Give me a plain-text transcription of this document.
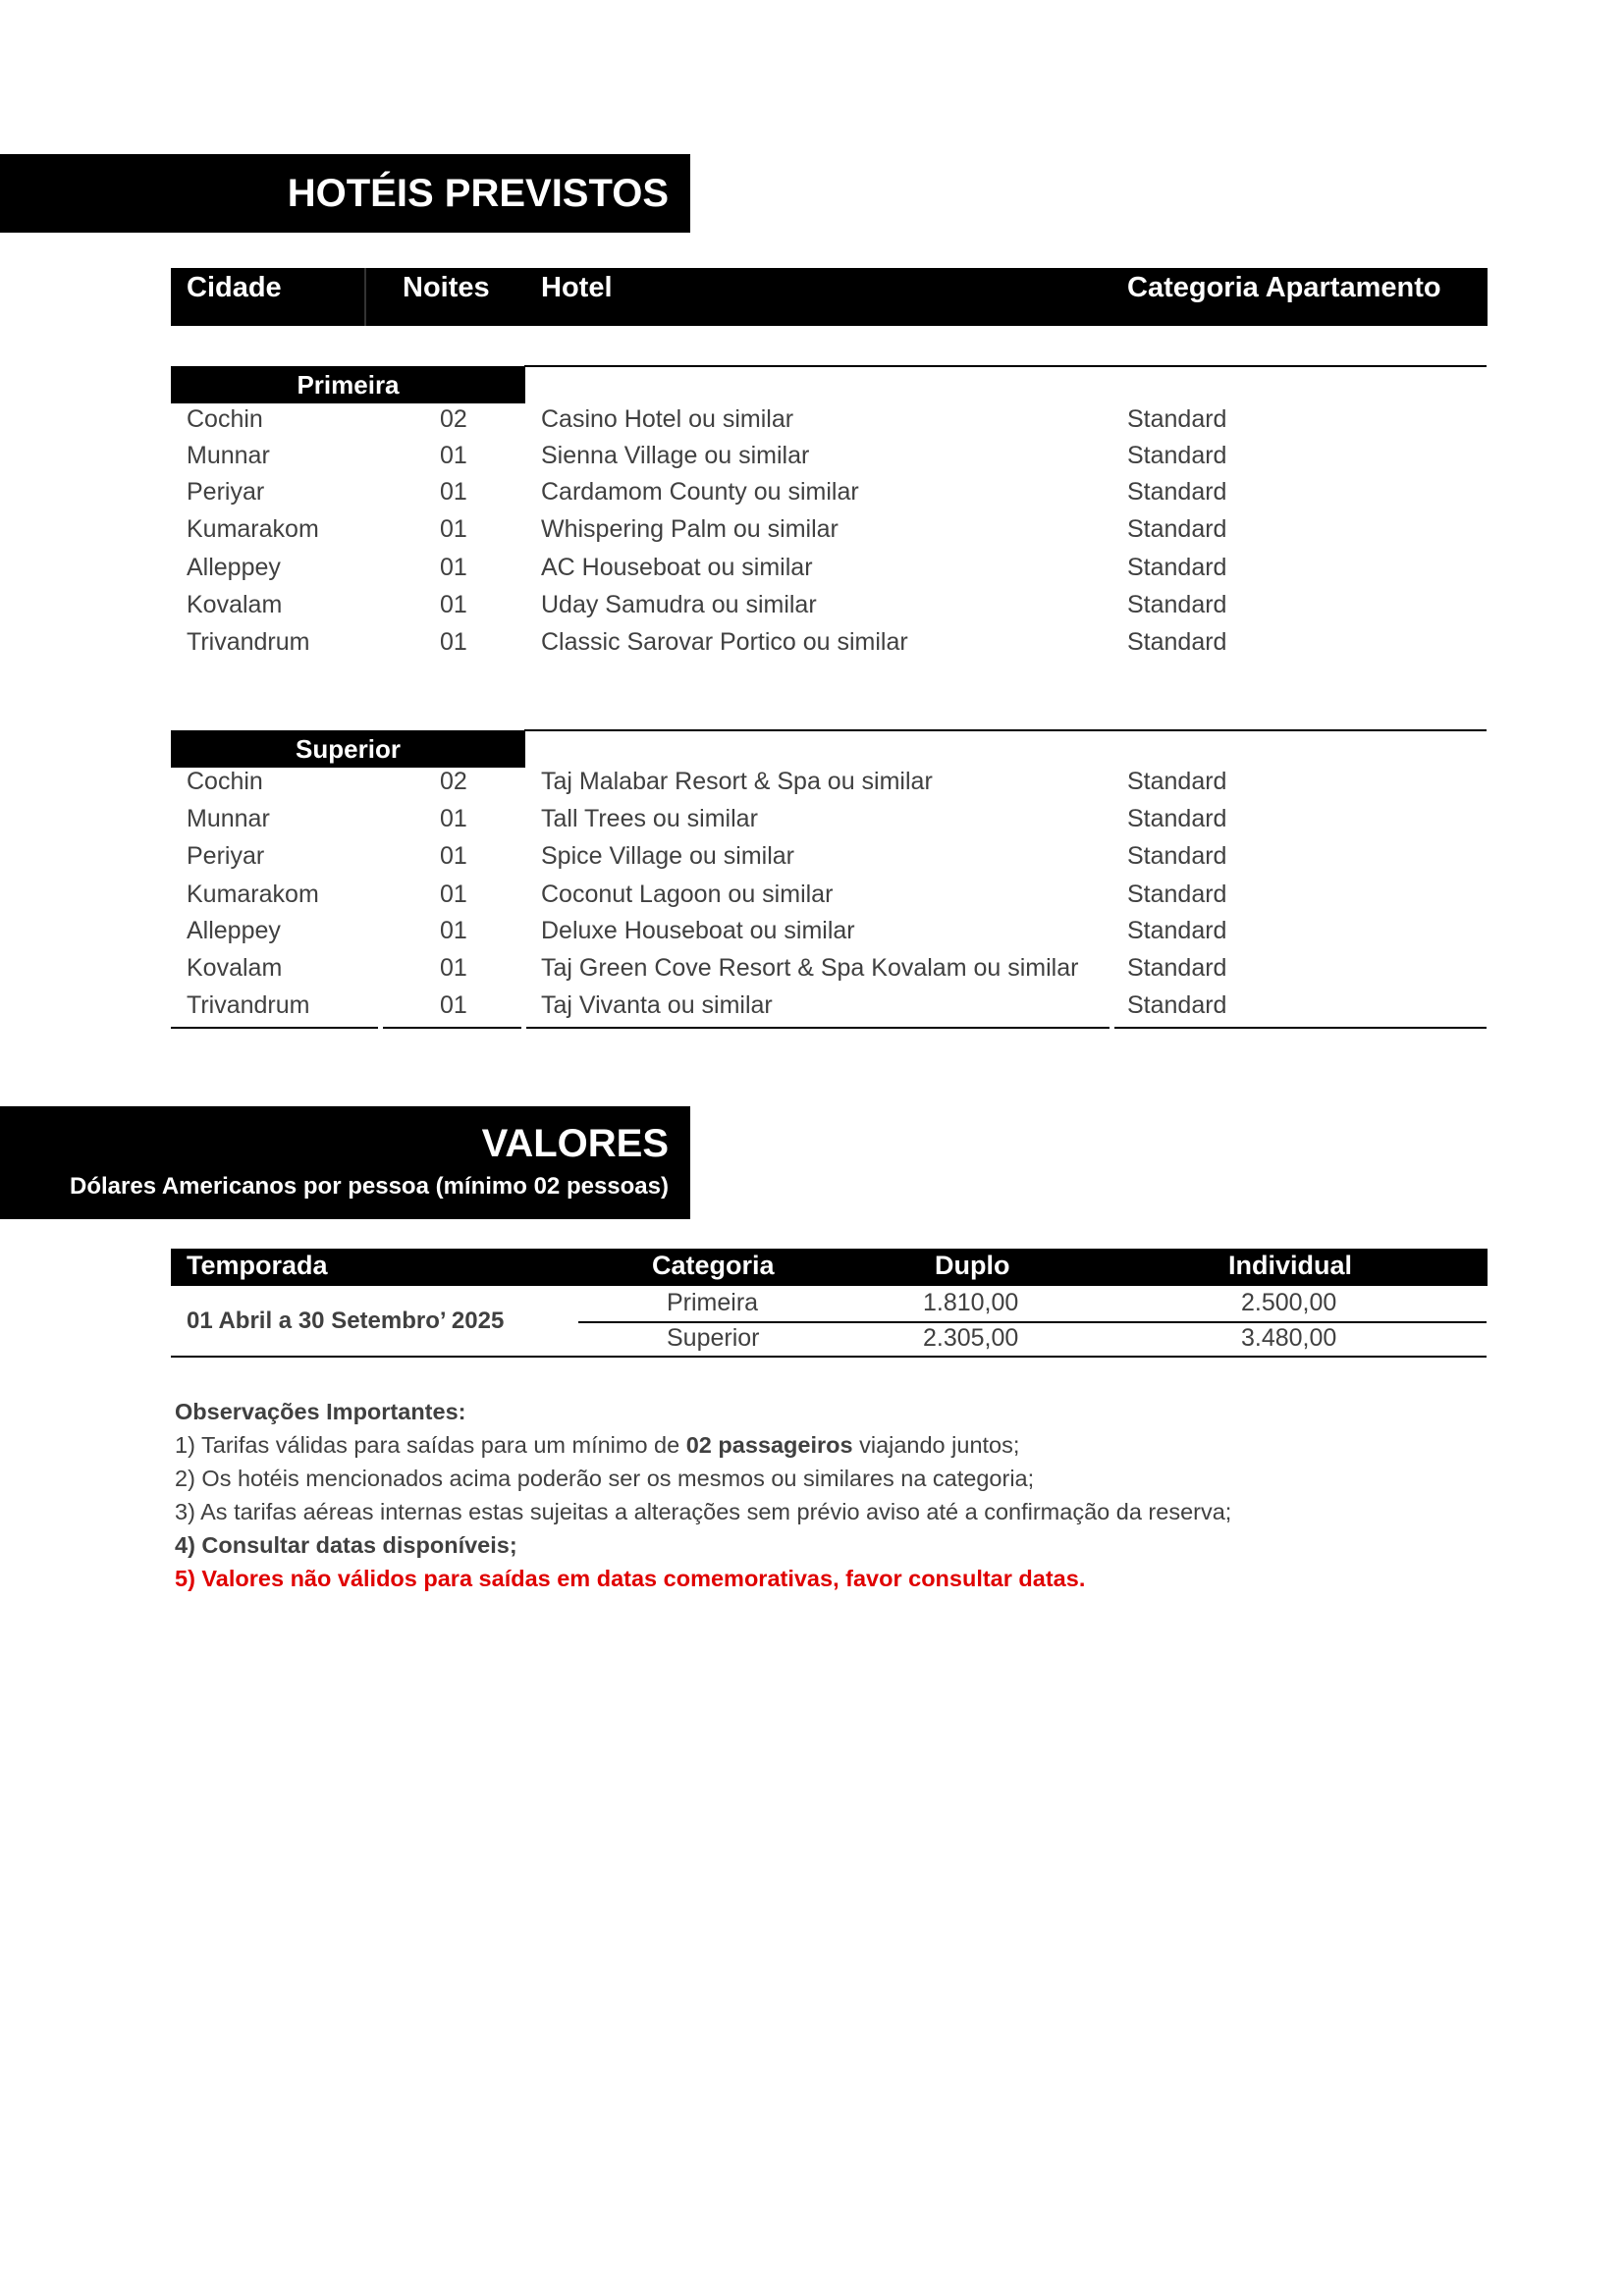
HOTÉIS PREVISTOS
Cidade	Noites Hotel	Categoria Apartamento
Primeira
Cochin	02	Casino Hotel ou similar	Standard
Munnar	01	Sienna Village ou similar	Standard
Periyar	01	Cardamom County ou similar	Standard
Kumarakom	01	Whispering Palm ou similar	Standard
Alleppey	01	AC Houseboat ou similar	Standard
Kovalam	01	Uday Samudra ou similar	Standard
Trivandrum	01	Classic Sarovar Portico ou similar	Standard
Superior
Cochin	02	Taj Malabar Resort & Spa ou similar	Standard
Munnar	01	Tall Trees ou similar	Standard
Periyar	01	Spice Village ou similar	Standard
Kumarakom	01	Coconut Lagoon ou similar	Standard
Alleppey	01	Deluxe Houseboat ou similar	Standard
Kovalam	01	Taj Green Cove Resort & Spa Kovalam ou similar Standard
Trivandrum	01	Taj Vivanta ou similar	Standard
VALORES
Dólares Americanos por pessoa (mínimo 02 pessoas)
Temporada	Categoria	Duplo	Individual
01 Abril a 30 Setembro’ 2025
Primeira	1.810,00	2.500,00
Superior	2.305,00	3.480,00
Observações Importantes:
1) Tarifas válidas para saídas para um mínimo de 02 passageiros viajando juntos;
2) Os hotéis mencionados acima poderão ser os mesmos ou similares na categoria;
3) As tarifas aéreas internas estas sujeitas a alterações sem prévio aviso até a confirmação da reserva;
4) Consultar datas disponíveis;
5) Valores não válidos para saídas em datas comemorativas, favor consultar datas.
